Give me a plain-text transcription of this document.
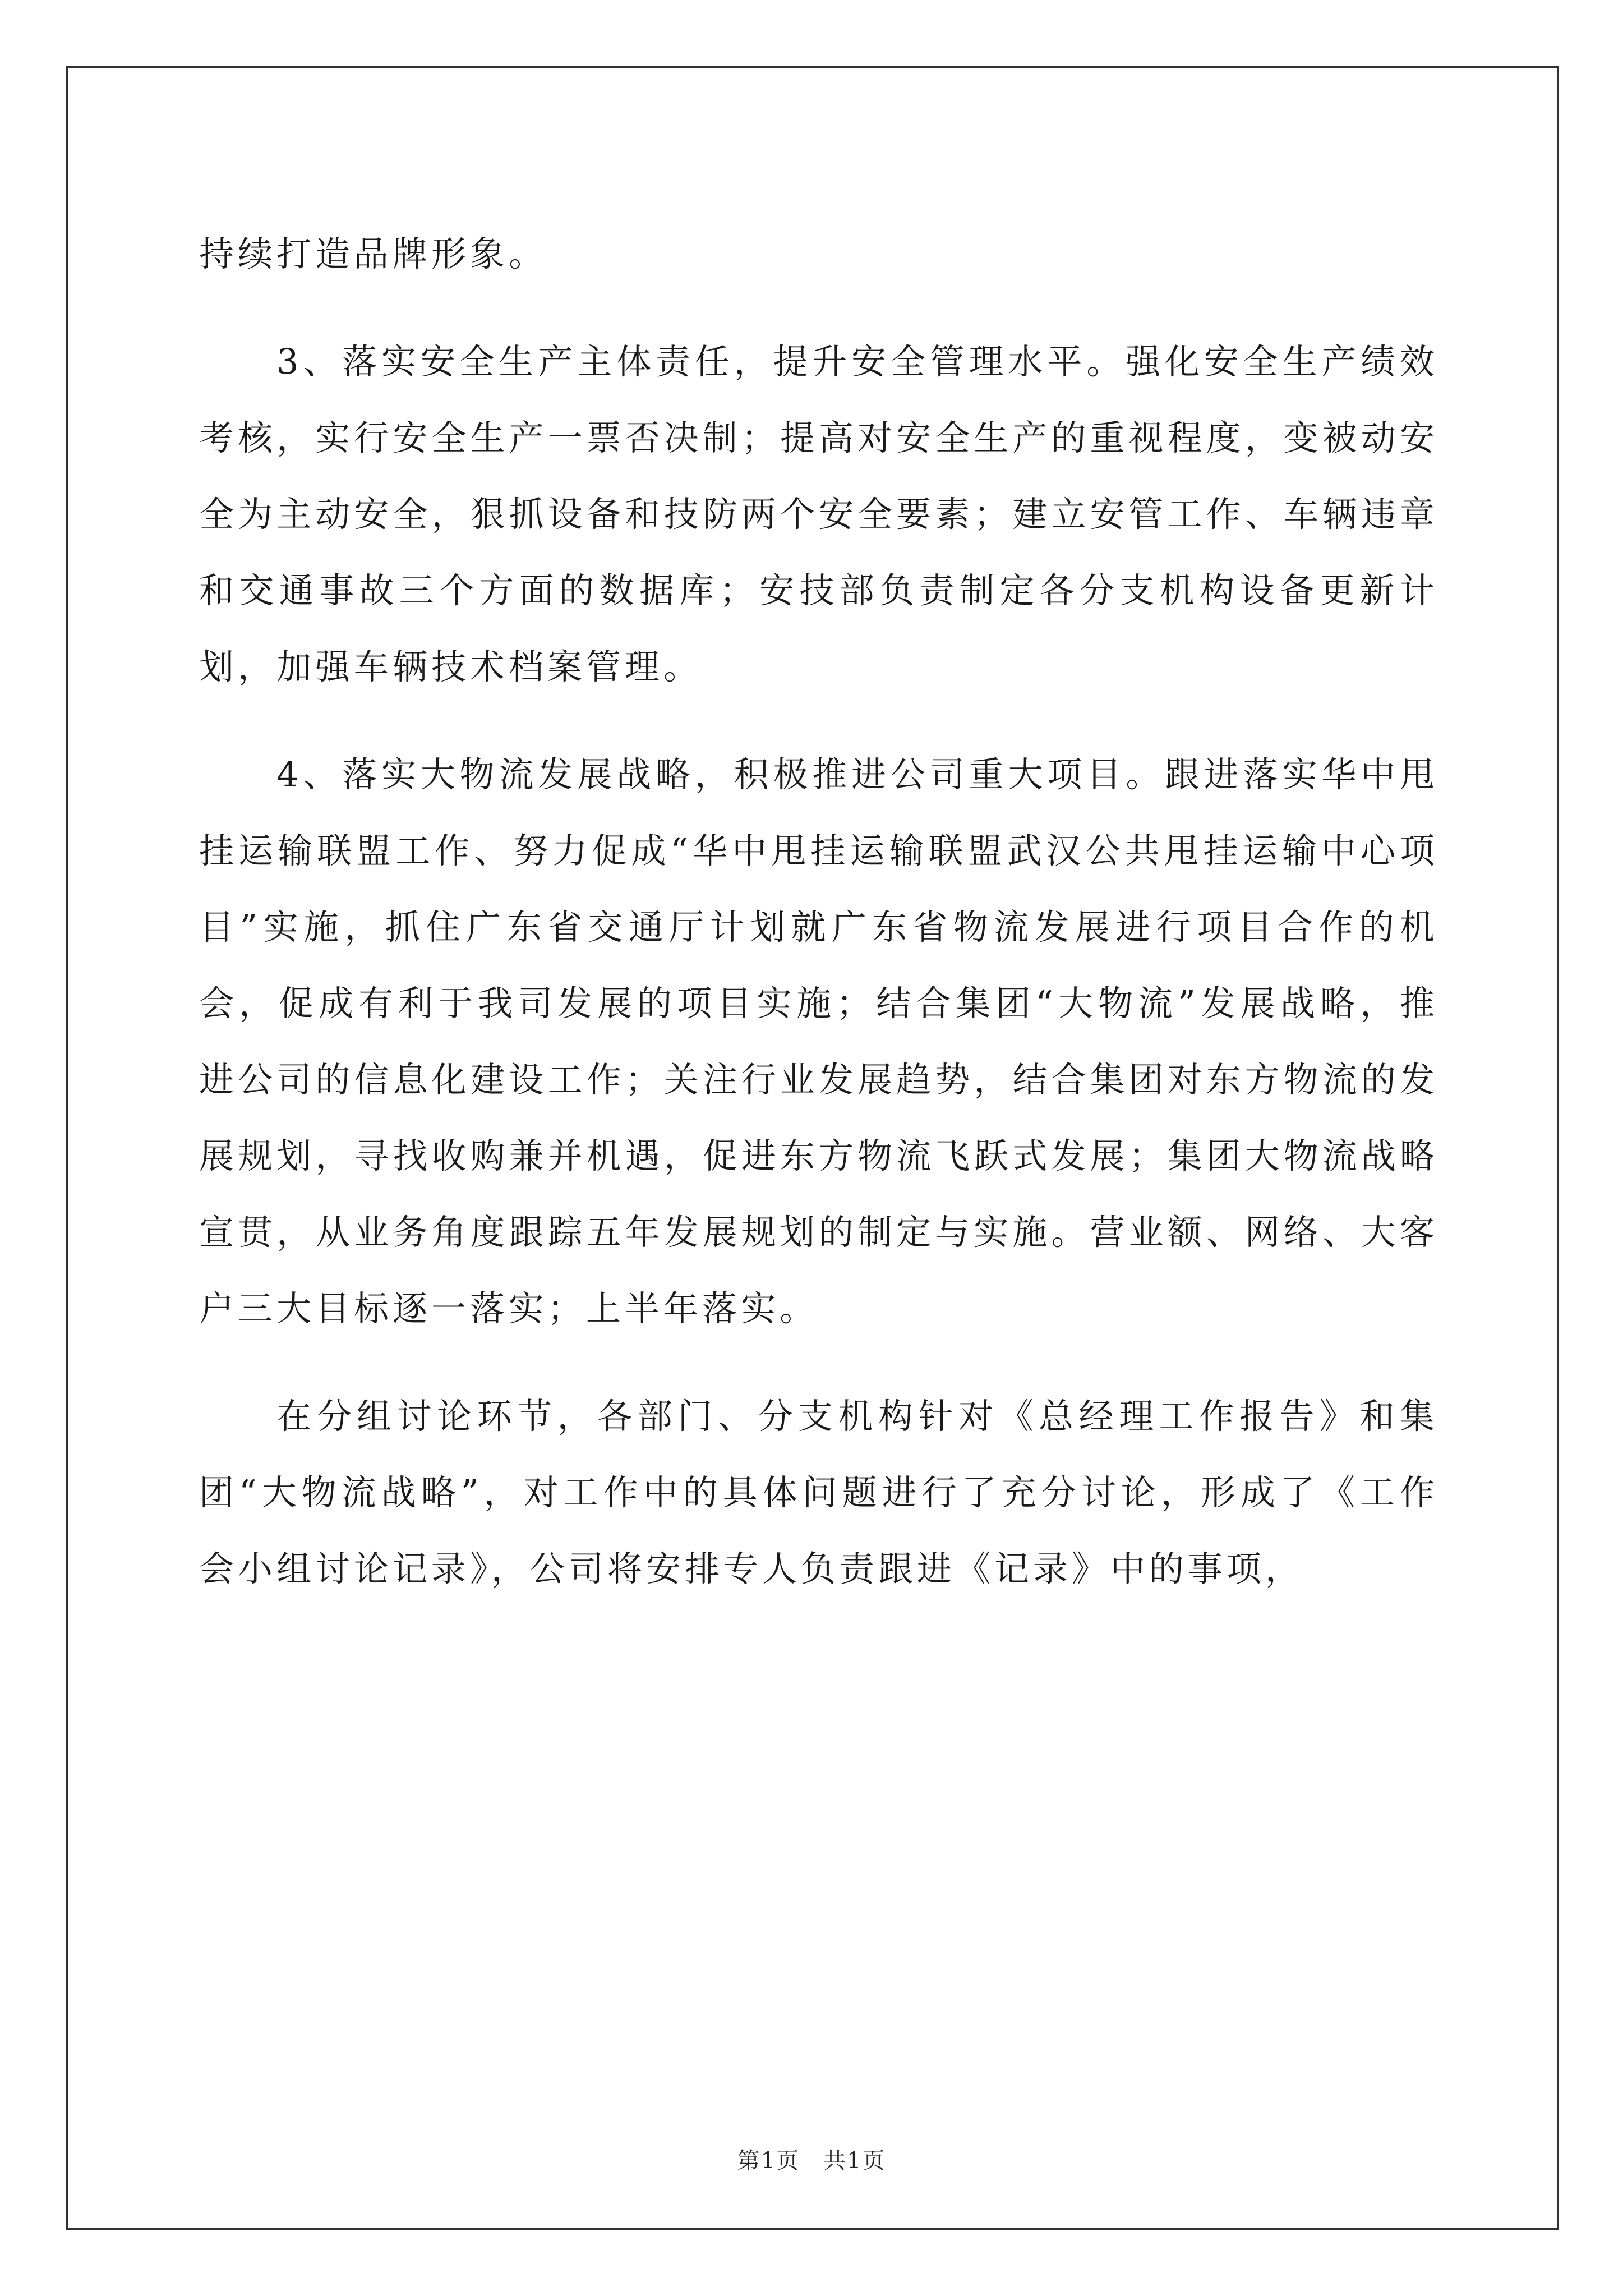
持续打造品牌形象。

3、落实安全生产主体责任，提升安全管理水平。强化安全生产绩效考核，实行安全生产一票否决制；提高对安全生产的重视程度，变被动安全为主动安全，狠抓设备和技防两个安全要素；建立安管工作、车辆违章和交通事故三个方面的数据库；安技部负责制定各分支机构设备更新计划，加强车辆技术档案管理。

4、落实大物流发展战略，积极推进公司重大项目。跟进落实华中甩挂运输联盟工作、努力促成“华中甩挂运输联盟武汉公共甩挂运输中心项目”实施，抓住广东省交通厅计划就广东省物流发展进行项目合作的机会，促成有利于我司发展的项目实施；结合集团“大物流”发展战略，推进公司的信息化建设工作；关注行业发展趋势，结合集团对东方物流的发展规划，寻找收购兼并机遇，促进东方物流飞跃式发展；集团大物流战略宣贯，从业务角度跟踪五年发展规划的制定与实施。营业额、网络、大客户三大目标逐一落实；上半年落实。

在分组讨论环节，各部门、分支机构针对《总经理工作报告》和集团“大物流战略”，对工作中的具体问题进行了充分讨论，形成了《工作会小组讨论记录》，公司将安排专人负责跟进《记录》中的事项，

第1页　共1页
